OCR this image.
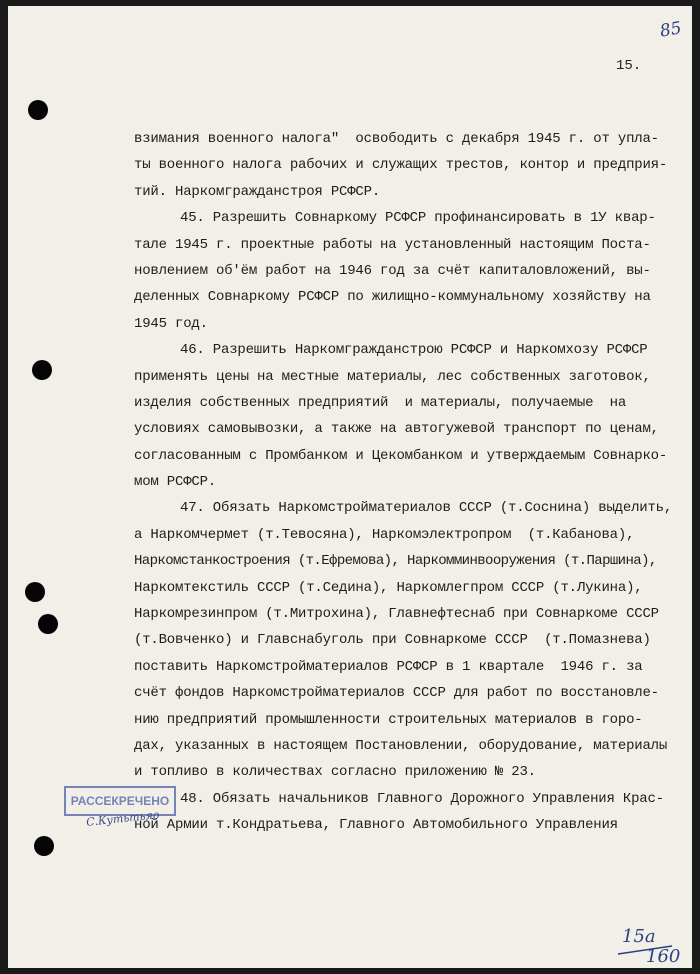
85
15.
взимания военного налога"  освободить с декабря 1945 г. от упла-
ты военного налога рабочих и служащих трестов, контор и предприя-
тий. Наркомгражданстроя РСФСР.
45. Разрешить Совнаркому РСФСР профинансировать в 1У квар-
тале 1945 г. проектные работы на установленный настоящим Поста-
новлением об'ём работ на 1946 год за счёт капиталовложений, вы-
деленных Совнаркому РСФСР по жилищно-коммунальному хозяйству на
1945 год.
46. Разрешить Наркомгражданстрою РСФСР и Наркомхозу РСФСР
применять цены на местные материалы, лес собственных заготовок,
изделия собственных предприятий  и материалы, получаемые  на
условиях самовывозки, а также на автогужевой транспорт по ценам,
согласованным с Промбанком и Цекомбанком и утверждаемым Совнарко-
мом РСФСР.
47. Обязать Наркомстройматериалов СССР (т.Соснина) выделить,
а Наркомчермет (т.Тевосяна), Наркомэлектропром  (т.Кабанова),
Наркомстанкостроения (т.Ефремова), Наркомминвооружения (т.Паршина),
Наркомтекстиль СССР (т.Седина), Наркомлегпром СССР (т.Лукина),
Наркомрезинпром (т.Митрохина), Главнефтеснаб при Совнаркоме СССР
(т.Вовченко) и Главснабуголь при Совнаркоме СССР  (т.Помазнева)
поставить Наркомстройматериалов РСФСР в 1 квартале  1946 г. за
счёт фондов Наркомстройматериалов СССР для работ по восстановле-
нию предприятий промышленности строительных материалов в горо-
дах, указанных в настоящем Постановлении, оборудование, материалы
и топливо в количествах согласно приложению № 23.
48. Обязать начальников Главного Дорожного Управления Крас-
ной Армии т.Кондратьева, Главного Автомобильного Управления
РАССЕКРЕЧЕНО
С.Кутьтьяо
15а
160
